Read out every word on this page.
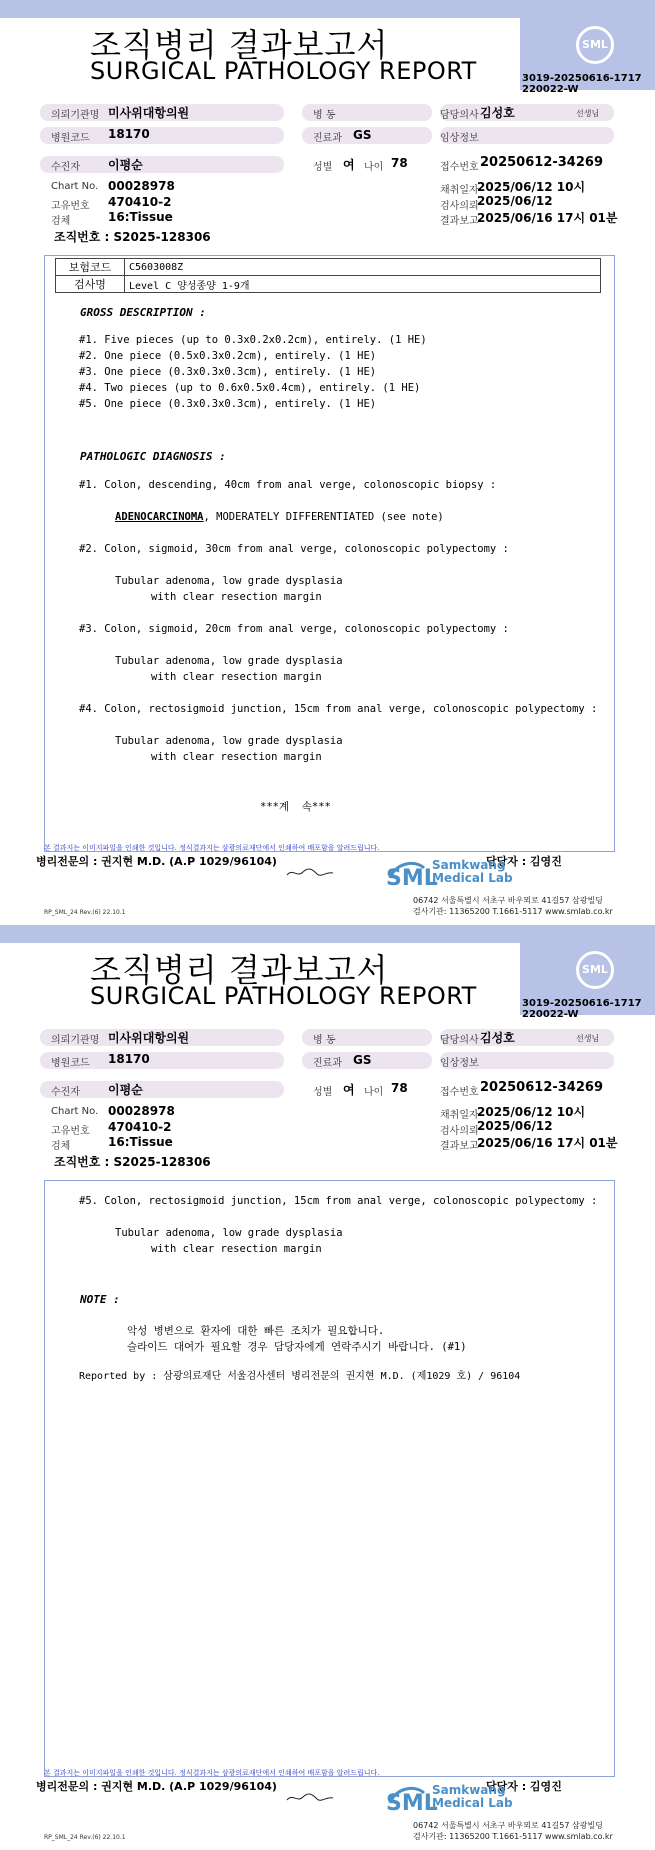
조직병리 결과보고서
SURGICAL PATHOLOGY REPORT
SML
3019-20250616-1717
220022-W
의뢰기관명 미사위대항의원	병 동	담당의사 김성호	선생님
병원코드 18170	진료과 GS	임상정보
수진자 이평순	성별 여 나이 78	접수번호 20250612-34269
Chart No. 00028978	채취일자
2025/06/12 10시
고유번호 470410-2	검사의뢰
2025/06/12
검체	16:Tissue	결과보고
2025/06/16 17시 01분
조직번호 : S2025-128306
보험코드	C5603008Z
검사명	Level C 양성종양 1-9개
GROSS DESCRIPTION :
#1. Five pieces (up to 0.3x0.2x0.2cm), entirely. (1 HE)
#2. One piece (0.5x0.3x0.2cm), entirely. (1 HE)
#3. One piece (0.3x0.3x0.3cm), entirely. (1 HE)
#4. Two pieces (up to 0.6x0.5x0.4cm), entirely. (1 HE)
#5. One piece (0.3x0.3x0.3cm), entirely. (1 HE)
PATHOLOGIC DIAGNOSIS :
#1. Colon, descending, 40cm from anal verge, colonoscopic biopsy :
ADENOCARCINOMA, MODERATELY DIFFERENTIATED (see note)
#2. Colon, sigmoid, 30cm from anal verge, colonoscopic polypectomy :
Tubular adenoma, low grade dysplasia
with clear resection margin
#3. Colon, sigmoid, 20cm from anal verge, colonoscopic polypectomy :
Tubular adenoma, low grade dysplasia
with clear resection margin
#4. Colon, rectosigmoid junction, 15cm from anal verge, colonoscopic polypectomy :
Tubular adenoma, low grade dysplasia
with clear resection margin
***계  속***
본 결과지는 이미지파일을 인쇄한 것입니다. 정식결과지는 삼광의료재단에서 인쇄하여 배포함을 알려드립니다.
병리전문의 : 권지현 M.D. (A.P 1029/96104)	담당자 : 김영진
SML
Samkwang
Medical Lab
06742 서울특별시 서초구 바우뫼로 41길57 삼광빌딩
검사기관: 11365200 T.1661-5117 www.smlab.co.kr
RP_SML_24 Rev.(6) 22.10.1
조직병리 결과보고서
SURGICAL PATHOLOGY REPORT
SML
3019-20250616-1717
220022-W
의뢰기관명 미사위대항의원	병 동	담당의사 김성호	선생님
병원코드 18170	진료과 GS	임상정보
수진자 이평순	성별 여 나이 78	접수번호 20250612-34269
Chart No. 00028978	채취일자
2025/06/12 10시
고유번호 470410-2	검사의뢰
2025/06/12
검체	16:Tissue	결과보고
2025/06/16 17시 01분
조직번호 : S2025-128306
#5. Colon, rectosigmoid junction, 15cm from anal verge, colonoscopic polypectomy :
Tubular adenoma, low grade dysplasia
with clear resection margin
NOTE :
악성 병변으로 환자에 대한 빠른 조치가 필요합니다.
슬라이드 대여가 필요할 경우 담당자에게 연락주시기 바랍니다. (#1)
Reported by : 삼광의료재단 서울검사센터 병리전문의 권지현 M.D. (제1029 호) / 96104
본 결과지는 이미지파일을 인쇄한 것입니다. 정식결과지는 삼광의료재단에서 인쇄하여 배포함을 알려드립니다.
병리전문의 : 권지현 M.D. (A.P 1029/96104)	담당자 : 김영진
SML
Samkwang
Medical Lab
06742 서울특별시 서초구 바우뫼로 41길57 삼광빌딩
검사기관: 11365200 T.1661-5117 www.smlab.co.kr
RP_SML_24 Rev.(6) 22.10.1
